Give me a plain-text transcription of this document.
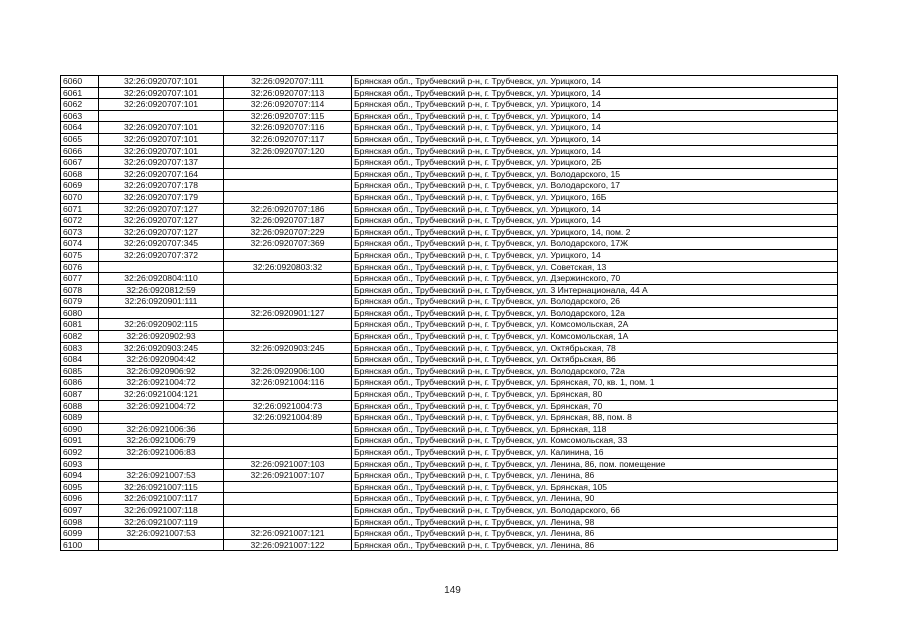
6060	32:26:0920707:101	32:26:0920707:111	Брянская обл., Трубчевский р-н, г. Трубчевск, ул. Урицкого, 14
6061	32:26:0920707:101	32:26:0920707:113	Брянская обл., Трубчевский р-н, г. Трубчевск, ул. Урицкого, 14
6062	32:26:0920707:101	32:26:0920707:114	Брянская обл., Трубчевский р-н, г. Трубчевск, ул. Урицкого, 14
6063		32:26:0920707:115	Брянская обл., Трубчевский р-н, г. Трубчевск, ул. Урицкого, 14
6064	32:26:0920707:101	32:26:0920707:116	Брянская обл., Трубчевский р-н, г. Трубчевск, ул. Урицкого, 14
6065	32:26:0920707:101	32:26:0920707:117	Брянская обл., Трубчевский р-н, г. Трубчевск, ул. Урицкого, 14
6066	32:26:0920707:101	32:26:0920707:120	Брянская обл., Трубчевский р-н, г. Трубчевск, ул. Урицкого, 14
6067	32:26:0920707:137		Брянская обл., Трубчевский р-н, г. Трубчевск, ул. Урицкого, 2Б
6068	32:26:0920707:164		Брянская обл., Трубчевский р-н, г. Трубчевск, ул. Володарского, 15
6069	32:26:0920707:178		Брянская обл., Трубчевский р-н, г. Трубчевск, ул. Володарского, 17
6070	32:26:0920707:179		Брянская обл., Трубчевский р-н, г. Трубчевск, ул. Урицкого, 16Б
6071	32:26:0920707:127	32:26:0920707:186	Брянская обл., Трубчевский р-н, г. Трубчевск, ул. Урицкого, 14
6072	32:26:0920707:127	32:26:0920707:187	Брянская обл., Трубчевский р-н, г. Трубчевск, ул. Урицкого, 14
6073	32:26:0920707:127	32:26:0920707:229	Брянская обл., Трубчевский р-н, г. Трубчевск, ул. Урицкого, 14, пом. 2
6074	32:26:0920707:345	32:26:0920707:369	Брянская обл., Трубчевский р-н, г. Трубчевск, ул. Володарского, 17Ж
6075	32:26:0920707:372		Брянская обл., Трубчевский р-н, г. Трубчевск, ул. Урицкого, 14
6076		32:26:0920803:32	Брянская обл., Трубчевский р-н, г. Трубчевск, ул. Советская, 13
6077	32:26:0920804:110		Брянская обл., Трубчевский р-н, г. Трубчевск, ул. Дзержинского, 70
6078	32:26:0920812:59		Брянская обл., Трубчевский р-н, г. Трубчевск, ул. 3 Интернационала, 44 А
6079	32:26:0920901:111		Брянская обл., Трубчевский р-н, г. Трубчевск, ул. Володарского, 26
6080		32:26:0920901:127	Брянская обл., Трубчевский р-н, г. Трубчевск, ул. Володарского, 12а
6081	32:26:0920902:115		Брянская обл., Трубчевский р-н, г. Трубчевск, ул. Комсомольская, 2А
6082	32:26:0920902:93		Брянская обл., Трубчевский р-н, г. Трубчевск, ул. Комсомольская, 1А
6083	32:26:0920903:245	32:26:0920903:245	Брянская обл., Трубчевский р-н, г. Трубчевск, ул. Октябрьская, 78
6084	32:26:0920904:42		Брянская обл., Трубчевский р-н, г. Трубчевск, ул. Октябрьская, 86
6085	32:26:0920906:92	32:26:0920906:100	Брянская обл., Трубчевский р-н, г. Трубчевск, ул. Володарского, 72а
6086	32:26:0921004:72	32:26:0921004:116	Брянская обл., Трубчевский р-н, г. Трубчевск, ул. Брянская, 70, кв. 1, пом. 1
6087	32:26:0921004:121		Брянская обл., Трубчевский р-н, г. Трубчевск, ул. Брянская, 80
6088	32:26:0921004:72	32:26:0921004:73	Брянская обл., Трубчевский р-н, г. Трубчевск, ул. Брянская, 70
6089		32:26:0921004:89	Брянская обл., Трубчевский р-н, г. Трубчевск, ул. Брянская, 88, пом. 8
6090	32:26:0921006:36		Брянская обл., Трубчевский р-н, г. Трубчевск, ул. Брянская, 118
6091	32:26:0921006:79		Брянская обл., Трубчевский р-н, г. Трубчевск, ул. Комсомольская, 33
6092	32:26:0921006:83		Брянская обл., Трубчевский р-н, г. Трубчевск, ул. Калинина, 16
6093		32:26:0921007:103	Брянская обл., Трубчевский р-н, г. Трубчевск, ул. Ленина, 86, пом. помещение
6094	32:26:0921007:53	32:26:0921007:107	Брянская обл., Трубчевский р-н, г. Трубчевск, ул. Ленина, 86
6095	32:26:0921007:115		Брянская обл., Трубчевский р-н, г. Трубчевск, ул. Брянская, 105
6096	32:26:0921007:117		Брянская обл., Трубчевский р-н, г. Трубчевск, ул. Ленина, 90
6097	32:26:0921007:118		Брянская обл., Трубчевский р-н, г. Трубчевск, ул. Володарского, 66
6098	32:26:0921007:119		Брянская обл., Трубчевский р-н, г. Трубчевск, ул. Ленина, 98
6099	32:26:0921007:53	32:26:0921007:121	Брянская обл., Трубчевский р-н, г. Трубчевск, ул. Ленина, 86
6100		32:26:0921007:122	Брянская обл., Трубчевский р-н, г. Трубчевск, ул. Ленина, 86
149
